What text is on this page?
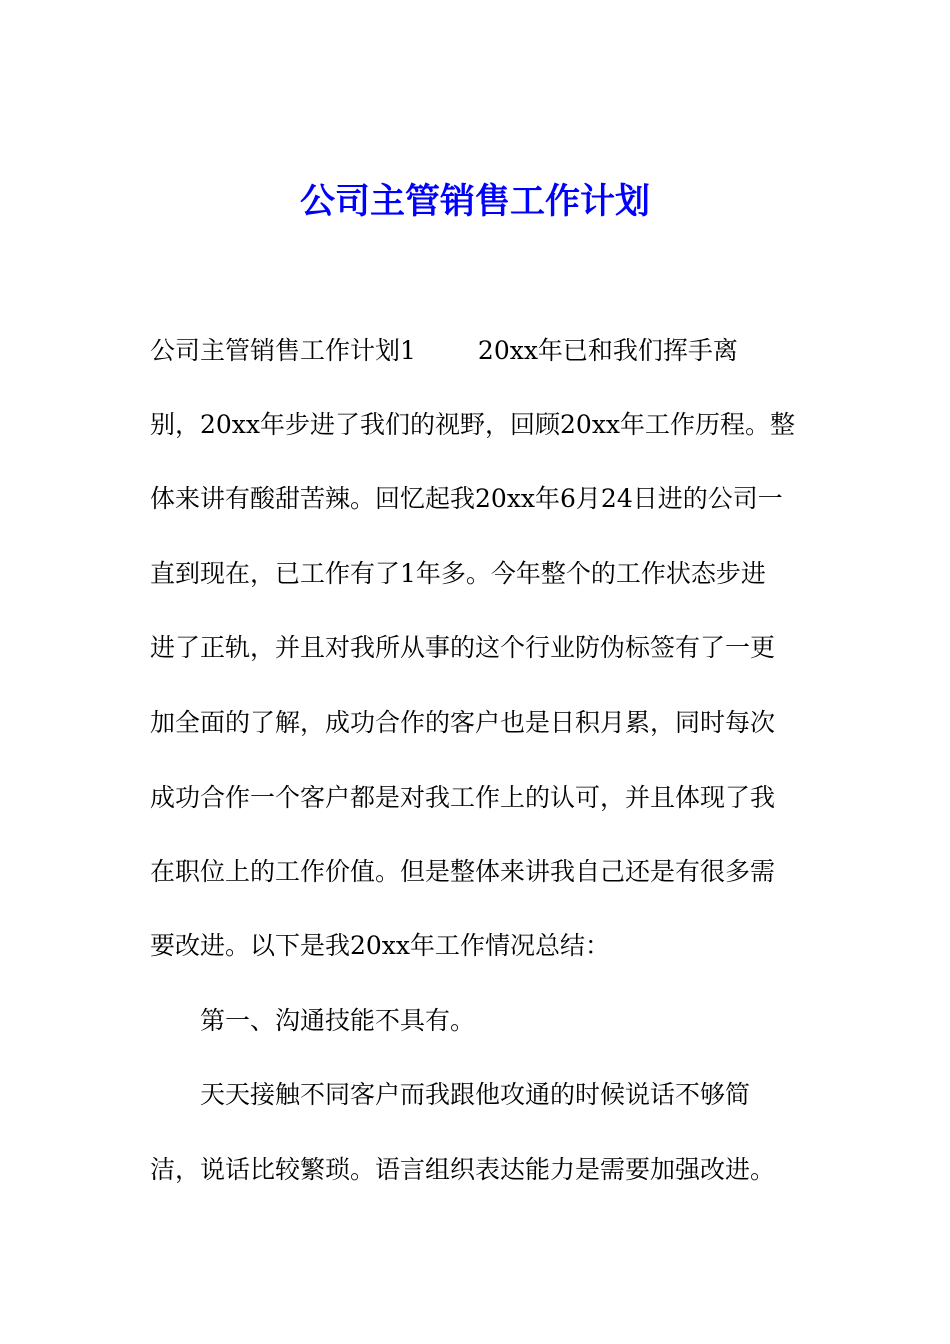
公司主管销售工作计划

公司主管销售工作计划1 20xx年已和我们挥手离

别，20xx年步进了我们的视野，回顾20xx年工作历程。整

体来讲有酸甜苦辣。回忆起我20xx年6月24日进的公司一

直到现在，已工作有了1年多。今年整个的工作状态步进

进了正轨，并且对我所从事的这个行业防伪标签有了一更

加全面的了解，成功合作的客户也是日积月累，同时每次

成功合作一个客户都是对我工作上的认可，并且体现了我

在职位上的工作价值。但是整体来讲我自己还是有很多需

要改进。以下是我20xx年工作情况总结：

第一、沟通技能不具有。

天天接触不同客户而我跟他攻通的时候说话不够简

洁，说话比较繁琐。语言组织表达能力是需要加强改进。
